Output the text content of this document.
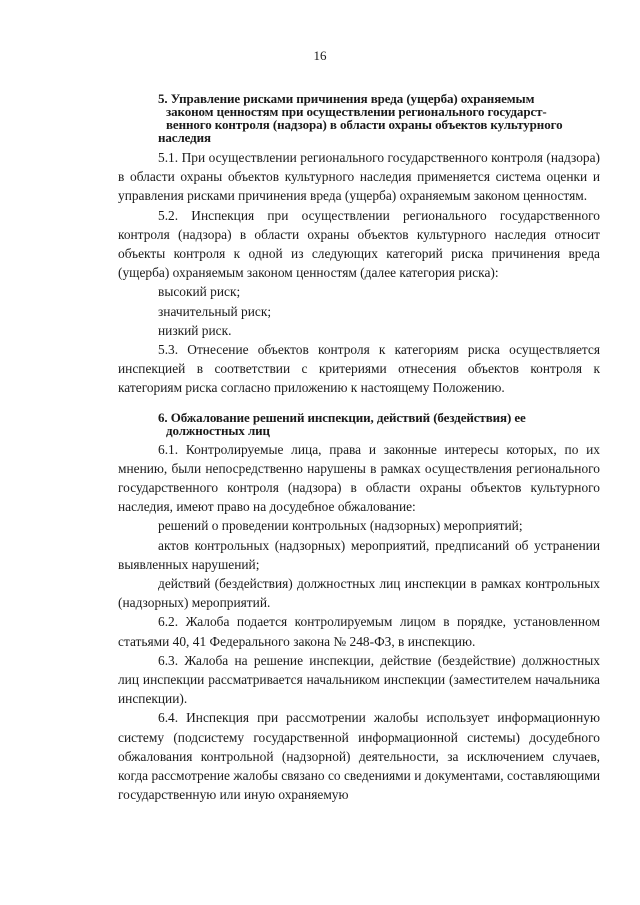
16
5. Управление рисками причинения вреда (ущерба) охраняемым
законом ценностям при осуществлении регионального государст-
венного контроля (надзора) в области охраны объектов культурного
наследия

5.1. При осуществлении регионального государственного контроля (надзора) в области охраны объектов культурного наследия применяется система оценки и управления рисками причинения вреда (ущерба) охраняемым законом ценностям.

5.2. Инспекция при осуществлении регионального государственного контроля (надзора) в области охраны объектов культурного наследия относит объекты контроля к одной из следующих категорий риска причинения вреда (ущерба) охраняемым законом ценностям (далее категория риска):

высокий риск;

значительный риск;

низкий риск.

5.3. Отнесение объектов контроля к категориям риска осуществляется инспекцией в соответствии с критериями отнесения объектов контроля к категориям риска согласно приложению к настоящему Положению.

6. Обжалование решений инспекции, действий (бездействия) ее
должностных лиц

6.1. Контролируемые лица, права и законные интересы которых, по их мнению, были непосредственно нарушены в рамках осуществления регионального государственного контроля (надзора) в области охраны объектов культурного наследия, имеют право на досудебное обжалование:

решений о проведении контрольных (надзорных) мероприятий;

актов контрольных (надзорных) мероприятий, предписаний об устранении выявленных нарушений;

действий (бездействия) должностных лиц инспекции в рамках контрольных (надзорных) мероприятий.

6.2. Жалоба подается контролируемым лицом в порядке, установленном статьями 40, 41 Федерального закона № 248-ФЗ, в инспекцию.

6.3. Жалоба на решение инспекции, действие (бездействие) должностных лиц инспекции рассматривается начальником инспекции (заместителем начальника инспекции).

6.4. Инспекция при рассмотрении жалобы использует информационную систему (подсистему государственной информационной системы) досудебного обжалования контрольной (надзорной) деятельности, за исключением случаев, когда рассмотрение жалобы связано со сведениями и документами, составляющими государственную или иную охраняемую
